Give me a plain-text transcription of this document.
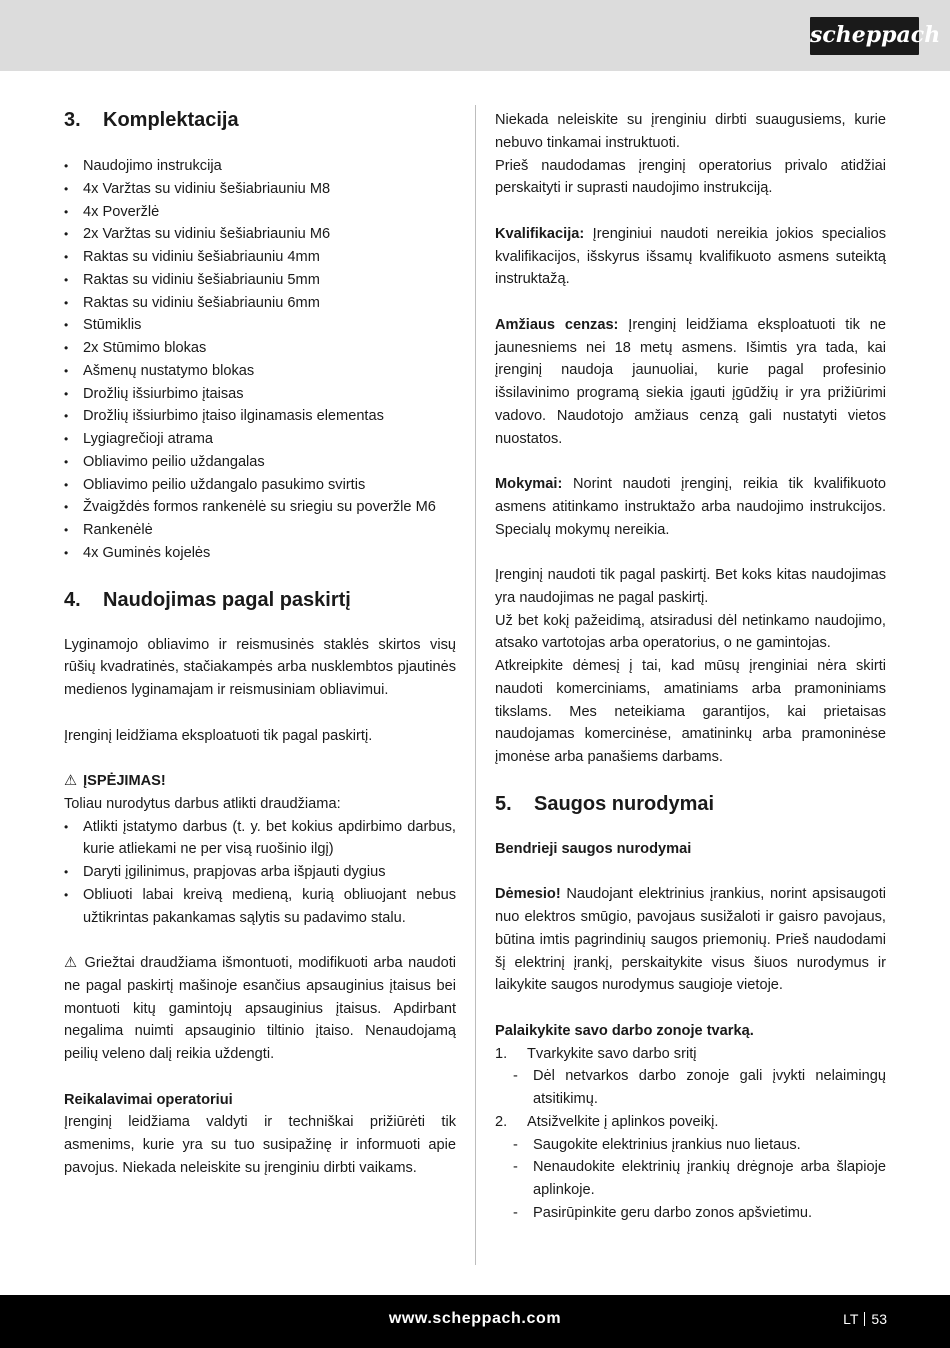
scheppach
3. Komplektacija
• Naudojimo instrukcija
• 4x Varžtas su vidiniu šešiabriauniu M8
• 4x Poveržlė
• 2x Varžtas su vidiniu šešiabriauniu M6
• Raktas su vidiniu šešiabriauniu 4mm
• Raktas su vidiniu šešiabriauniu 5mm
• Raktas su vidiniu šešiabriauniu 6mm
• Stūmiklis
• 2x Stūmimo blokas
• Ašmenų nustatymo blokas
• Drožlių išsiurbimo įtaisas
• Drožlių išsiurbimo įtaiso ilginamasis elementas
• Lygiagrečioji atrama
• Obliavimo peilio uždangalas
• Obliavimo peilio uždangalo pasukimo svirtis
• Žvaigždės formos rankenėlė su sriegiu su poveržle M6
• Rankenėlė
• 4x Guminės kojelės
4. Naudojimas pagal paskirtį

Lyginamojo obliavimo ir reismusinės staklės skirtos visų rūšių kvadratinės, stačiakampės arba nusklembtos pjautinės medienos lyginamajam ir reismusiniam obliavimui.

Įrenginį leidžiama eksploatuoti tik pagal paskirtį.

⚠ ĮSPĖJIMAS!

Toliau nurodytus darbus atlikti draudžiama:

• Atlikti įstatymo darbus (t. y. bet kokius apdirbimo darbus, kurie atliekami ne per visą ruošinio ilgį)
• Daryti įgilinimus, prapjovas arba išpjauti dygius
• Obliuoti labai kreivą medieną, kurią obliuojant nebus užtikrintas pakankamas sąlytis su padavimo stalu.

⚠ Griežtai draudžiama išmontuoti, modifikuoti arba naudoti ne pagal paskirtį mašinoje esančius apsauginius įtaisus bei montuoti kitų gamintojų apsauginius įtaisus. Apdirbant negalima nuimti apsauginio tiltinio įtaiso. Nenaudojamą peilių veleno dalį reikia uždengti.

Reikalavimai operatoriui

Įrenginį leidžiama valdyti ir techniškai prižiūrėti tik asmenims, kurie yra su tuo susipažinę ir informuoti apie pavojus. Niekada neleiskite su įrenginiu dirbti vaikams.

Niekada neleiskite su įrenginiu dirbti suaugusiems, kurie nebuvo tinkamai instruktuoti.

Prieš naudodamas įrenginį operatorius privalo atidžiai perskaityti ir suprasti naudojimo instrukciją.

Kvalifikacija: Įrenginiui naudoti nereikia jokios specialios kvalifikacijos, išskyrus išsamų kvalifikuoto asmens suteiktą instruktažą.

Amžiaus cenzas: Įrenginį leidžiama eksploatuoti tik ne jaunesniems nei 18 metų asmens. Išimtis yra tada, kai įrenginį naudoja jaunuoliai, kurie pagal profesinio išsilavinimo programą siekia įgauti įgūdžių ir yra prižiūrimi vadovo. Naudotojo amžiaus cenzą gali nustatyti vietos nuostatos.

Mokymai: Norint naudoti įrenginį, reikia tik kvalifikuoto asmens atitinkamo instruktažo arba naudojimo instrukcijos. Specialų mokymų nereikia.

Įrenginį naudoti tik pagal paskirtį. Bet koks kitas naudojimas yra naudojimas ne pagal paskirtį.

Už bet kokį pažeidimą, atsiradusi dėl netinkamo naudojimo, atsako vartotojas arba operatorius, o ne gamintojas.

Atkreipkite dėmesį į tai, kad mūsų įrenginiai nėra skirti naudoti komerciniams, amatiniams arba pramoniniams tikslams. Mes neteikiama garantijos, kai prietaisas naudojamas komercinėse, amatininkų arba pramoninėse įmonėse arba panašiems darbams.

5. Saugos nurodymai

Bendrieji saugos nurodymai

Dėmesio! Naudojant elektrinius įrankius, norint apsisaugoti nuo elektros smūgio, pavojaus susižaloti ir gaisro pavojaus, būtina imtis pagrindinių saugos priemonių. Prieš naudodami šį elektrinį įrankį, perskaitykite visus šiuos nurodymus ir laikykite saugos nurodymus saugioje vietoje.

Palaikykite savo darbo zonoje tvarką.

1. Tvarkykite savo darbo sritį
- Dėl netvarkos darbo zonoje gali įvykti nelaimingų atsitikimų.
2. Atsižvelkite į aplinkos poveikį.
- Saugokite elektrinius įrankius nuo lietaus.
- Nenaudokite elektrinių įrankių drėgnoje arba šlapioje aplinkoje.
- Pasirūpinkite geru darbo zonos apšvietimu.
www.scheppach.com	LT 53
